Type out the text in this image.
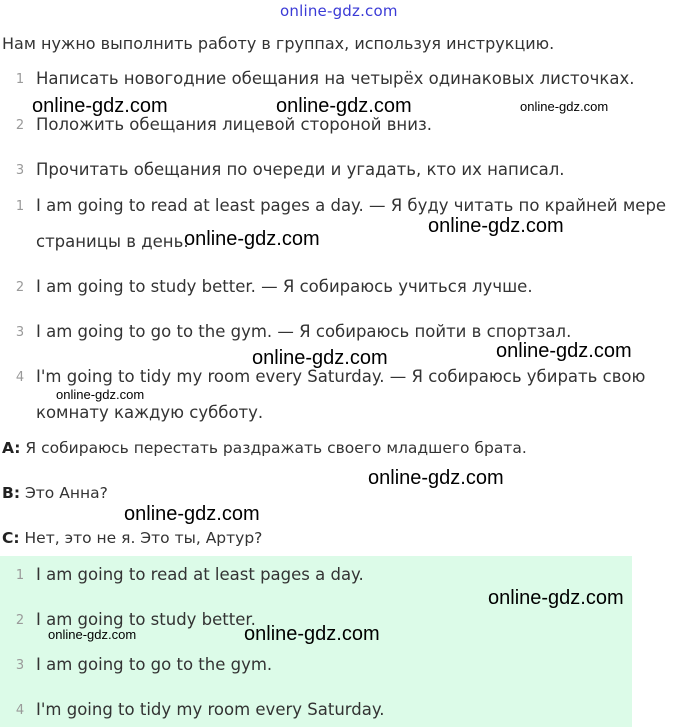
online-gdz.com
Нам нужно выполнить работу в группах, используя инструкцию.
1 Написать новогодние обещания на четырёх одинаковых листочках.
2 Положить обещания лицевой стороной вниз.
3 Прочитать обещания по очереди и угадать, кто их написал.
1 I am going to read at least pages a day. — Я буду читать по крайней мере
страницы в день.
2 I am going to study better. — Я собираюсь учиться лучше.
3 I am going to go to the gym. — Я собираюсь пойти в спортзал.
4 I'm going to tidy my room every Saturday. — Я собираюсь убирать свою
комнату каждую субботу.
A: Я собираюсь перестать раздражать своего младшего брата.
B: Это Анна?
C: Нет, это не я. Это ты, Артур?
1 I am going to read at least pages a day.
2 I am going to study better.
3 I am going to go to the gym.
4 I'm going to tidy my room every Saturday.
online-gdz.com	online-gdz.com	online-gdz.com
online-gdz.com
online-gdz.com
online-gdz.com	online-gdz.com
online-gdz.com
online-gdz.com
online-gdz.com
online-gdz.com
online-gdz.com	online-gdz.com
